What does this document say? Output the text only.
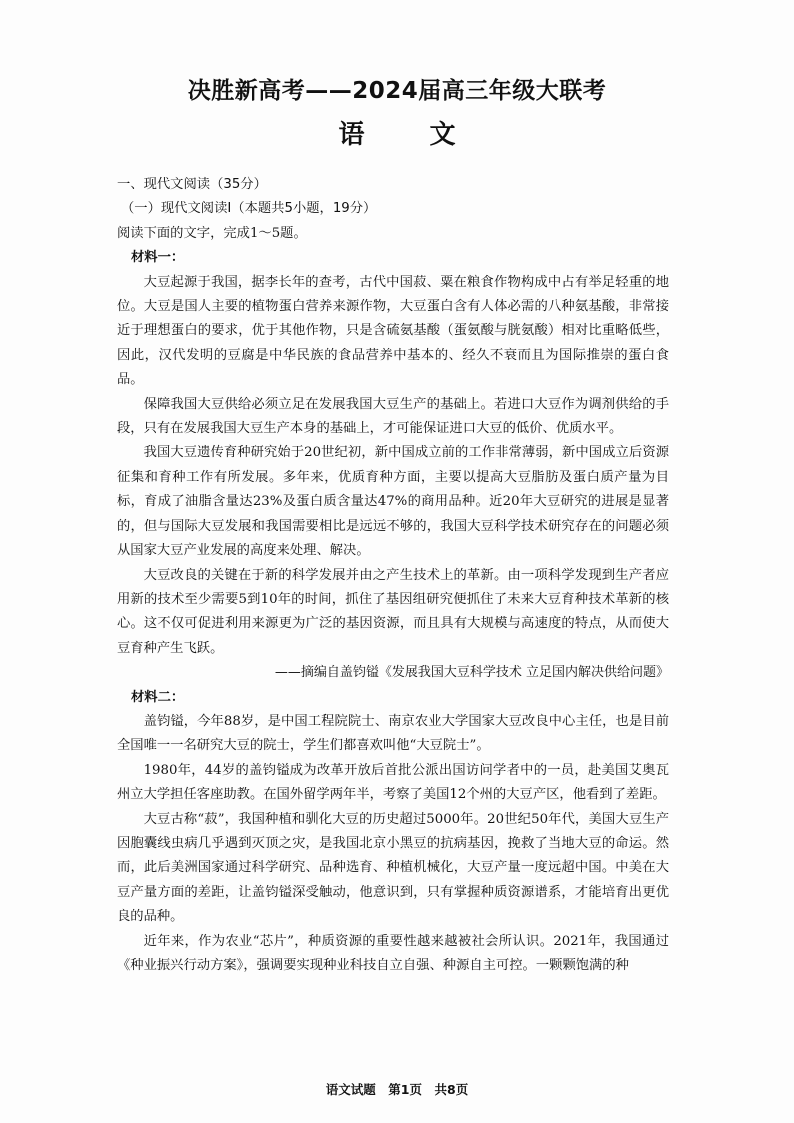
决胜新高考——2024届高三年级大联考
语 文

一、现代文阅读（35分）

（一）现代文阅读Ⅰ（本题共5小题，19分）

阅读下面的文字，完成1～5题。

材料一：

大豆起源于我国，据李长年的查考，古代中国菽、粟在粮食作物构成中占有举足轻重的地位。大豆是国人主要的植物蛋白营养来源作物，大豆蛋白含有人体必需的八种氨基酸，非常接近于理想蛋白的要求，优于其他作物，只是含硫氨基酸（蛋氨酸与胱氨酸）相对比重略低些，因此，汉代发明的豆腐是中华民族的食品营养中基本的、经久不衰而且为国际推崇的蛋白食品。

保障我国大豆供给必须立足在发展我国大豆生产的基础上。若进口大豆作为调剂供给的手段，只有在发展我国大豆生产本身的基础上，才可能保证进口大豆的低价、优质水平。

我国大豆遗传育种研究始于20世纪初，新中国成立前的工作非常薄弱，新中国成立后资源征集和育种工作有所发展。多年来，优质育种方面，主要以提高大豆脂肪及蛋白质产量为目标，育成了油脂含量达23%及蛋白质含量达47%的商用品种。近20年大豆研究的进展是显著的，但与国际大豆发展和我国需要相比是远远不够的，我国大豆科学技术研究存在的问题必须从国家大豆产业发展的高度来处理、解决。

大豆改良的关键在于新的科学发展并由之产生技术上的革新。由一项科学发现到生产者应用新的技术至少需要5到10年的时间，抓住了基因组研究便抓住了未来大豆育种技术革新的核心。这不仅可促进利用来源更为广泛的基因资源，而且具有大规模与高速度的特点，从而使大豆育种产生飞跃。

——摘编自盖钧镒《发展我国大豆科学技术 立足国内解决供给问题》

材料二：

盖钧镒，今年88岁，是中国工程院院士、南京农业大学国家大豆改良中心主任，也是目前全国唯一一名研究大豆的院士，学生们都喜欢叫他“大豆院士”。

1980年，44岁的盖钧镒成为改革开放后首批公派出国访问学者中的一员，赴美国艾奥瓦州立大学担任客座助教。在国外留学两年半，考察了美国12个州的大豆产区，他看到了差距。

大豆古称“菽”，我国种植和驯化大豆的历史超过5000年。20世纪50年代，美国大豆生产因胞囊线虫病几乎遇到灭顶之灾，是我国北京小黑豆的抗病基因，挽救了当地大豆的命运。然而，此后美洲国家通过科学研究、品种选育、种植机械化，大豆产量一度远超中国。中美在大豆产量方面的差距，让盖钧镒深受触动，他意识到，只有掌握种质资源谱系，才能培育出更优良的品种。

近年来，作为农业“芯片”，种质资源的重要性越来越被社会所认识。2021年，我国通过《种业振兴行动方案》，强调要实现种业科技自立自强、种源自主可控。一颗颗饱满的种

语文试题　第1页　共8页
